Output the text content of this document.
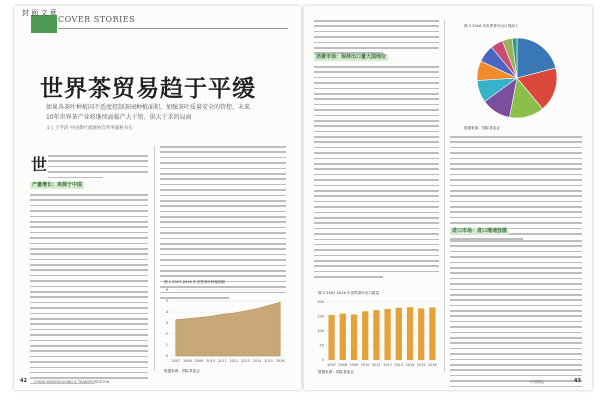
封 面 文 章
COVER STORIES
世界茶贸易趋于平缓
如果各茶叶种植国不适度控制茶园种植面积，加强茶叶质量安全的管控，未来
10年世界茶产业将继续面临产大于销、供大于求的局面
文 | 王学清 中国茶叶流通协会常务副秘书长
世
产量增长：来源于中国
图 1 2007-2016 年世界茶叶种植面积
6
5
4
3
2
1
0
2007 2008 2009 2010 2011 2012 2013 2014 2015 2016
数据来源：国际茶委会
42 CHINA WAREHOUSING & TRANSPORTATION
消费市场：保持出口量大国地位
图 2 2007-2016 年世界茶叶出口数量
200
150
100
50
0
2007 2008 2009 2010 2011 2012 2013 2014 2015 2016
数据来源：国际茶委会
图 3 2016 年世界茶叶出口国前十
数据来源：国际茶委会
进口市场：进口增速放缓
中国储运	43
